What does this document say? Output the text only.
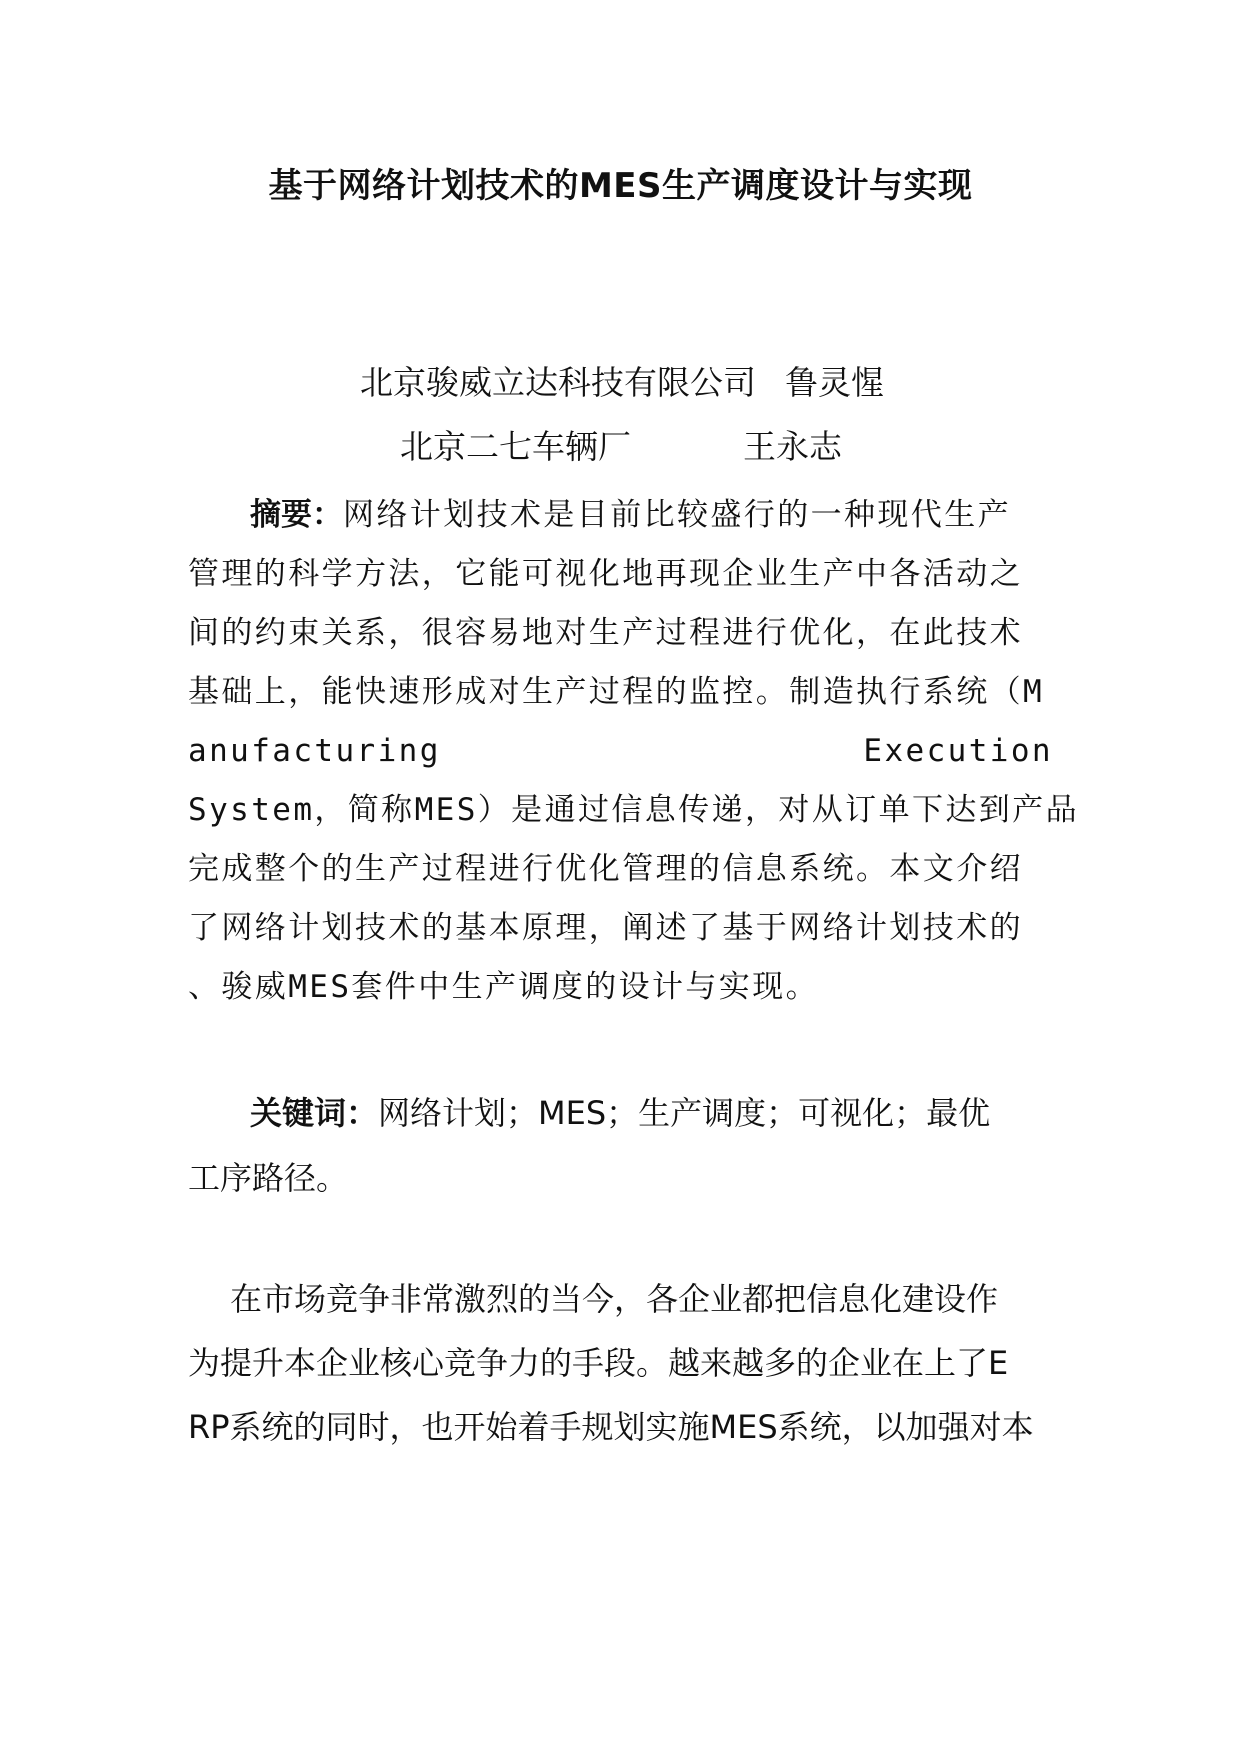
基于网络计划技术的MES生产调度设计与实现
北京骏威立达科技有限公司 鲁灵惺
北京二七车辆厂	王永志
摘要：网络计划技术是目前比较盛行的一种现代生产
管理的科学方法，它能可视化地再现企业生产中各活动之
间的约束关系，很容易地对生产过程进行优化，在此技术
基础上，能快速形成对生产过程的监控。制造执行系统（M
anufacturing	Execution
System，简称MES）是通过信息传递，对从订单下达到产品
完成整个的生产过程进行优化管理的信息系统。本文介绍
了网络计划技术的基本原理，阐述了基于网络计划技术的
、骏威MES套件中生产调度的设计与实现。
关键词：网络计划；MES；生产调度；可视化；最优
工序路径。
在市场竞争非常激烈的当今，各企业都把信息化建设作
为提升本企业核心竞争力的手段。越来越多的企业在上了E
RP系统的同时，也开始着手规划实施MES系统，以加强对本
